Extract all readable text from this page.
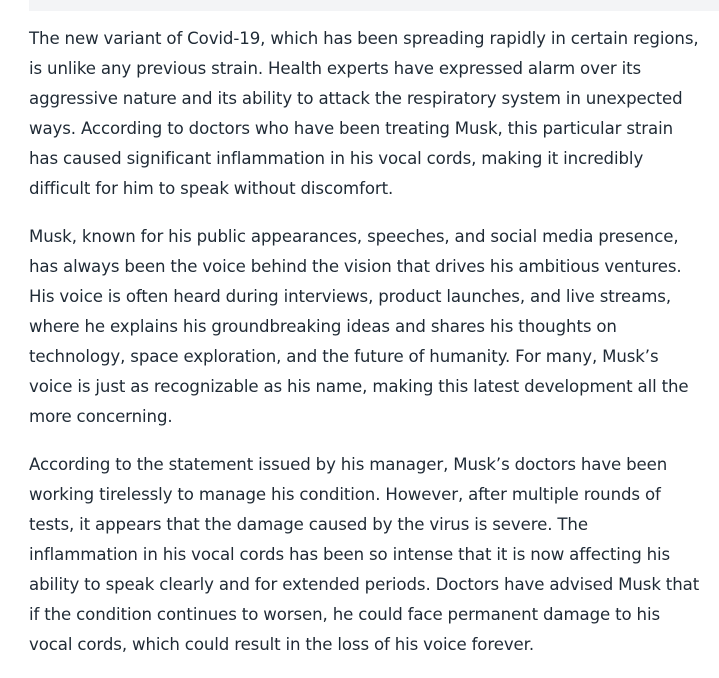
The new variant of Covid-19, which has been spreading rapidly in certain regions, is unlike any previous strain. Health experts have expressed alarm over its aggressive nature and its ability to attack the respiratory system in unexpected ways. According to doctors who have been treating Musk, this particular strain has caused significant inflammation in his vocal cords, making it incredibly difficult for him to speak without discomfort.

Musk, known for his public appearances, speeches, and social media presence, has always been the voice behind the vision that drives his ambitious ventures. His voice is often heard during interviews, product launches, and live streams, where he explains his groundbreaking ideas and shares his thoughts on technology, space exploration, and the future of humanity. For many, Musk’s voice is just as recognizable as his name, making this latest development all the more concerning.

According to the statement issued by his manager, Musk’s doctors have been working tirelessly to manage his condition. However, after multiple rounds of tests, it appears that the damage caused by the virus is severe. The inflammation in his vocal cords has been so intense that it is now affecting his ability to speak clearly and for extended periods. Doctors have advised Musk that if the condition continues to worsen, he could face permanent damage to his vocal cords, which could result in the loss of his voice forever.
